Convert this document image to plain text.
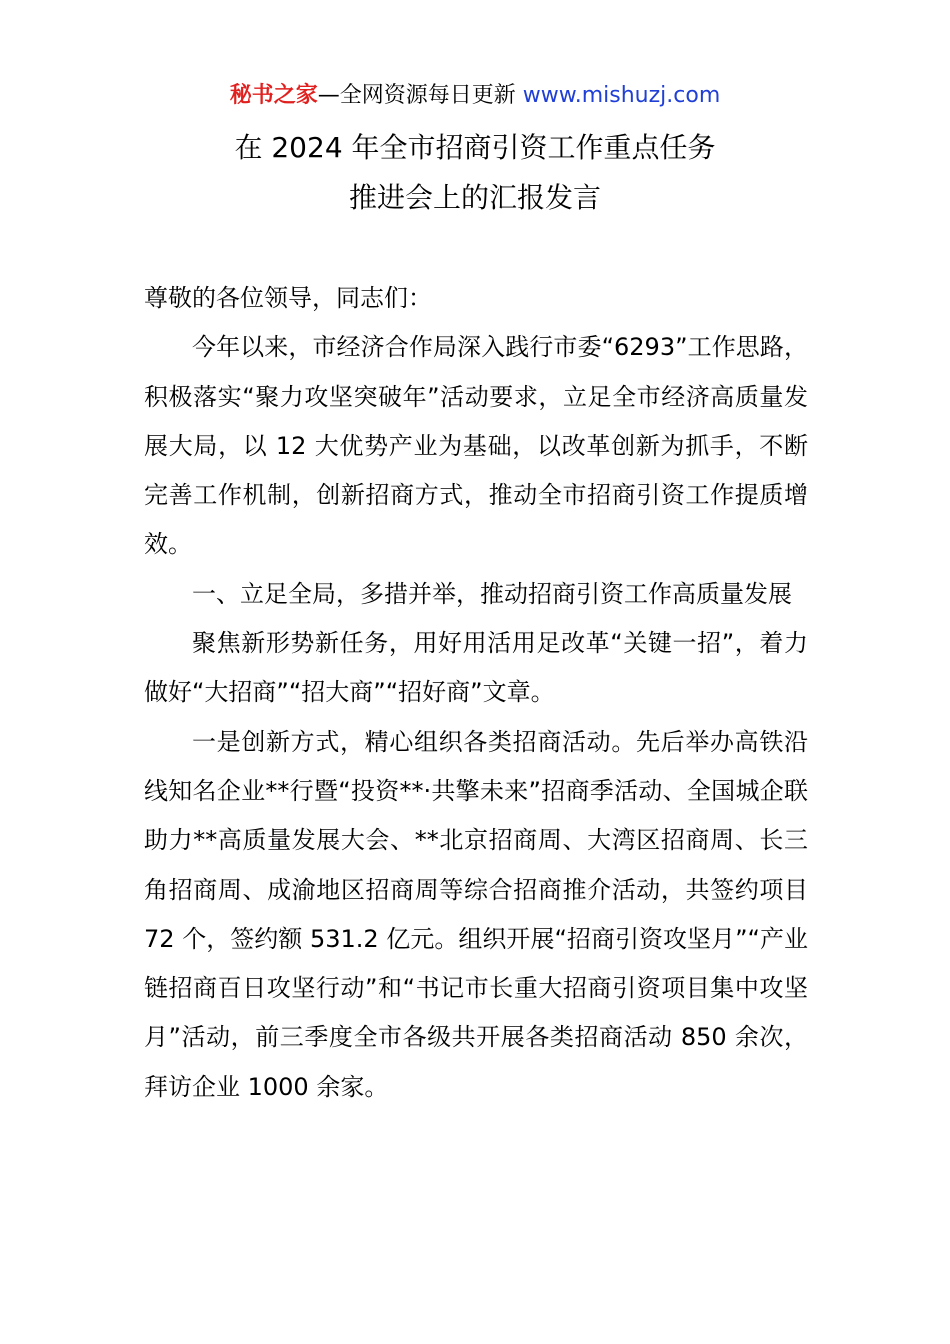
秘书之家—全网资源每日更新 www.mishuzj.com
在 2024 年全市招商引资工作重点任务
推进会上的汇报发言

尊敬的各位领导，同志们：

今年以来，市经济合作局深入践行市委“6293”工作思路，积极落实“聚力攻坚突破年”活动要求，立足全市经济高质量发展大局，以 12 大优势产业为基础，以改革创新为抓手，不断完善工作机制，创新招商方式，推动全市招商引资工作提质增效。

一、立足全局，多措并举，推动招商引资工作高质量发展

聚焦新形势新任务，用好用活用足改革“关键一招”，着力做好“大招商”“招大商”“招好商”文章。

一是创新方式，精心组织各类招商活动。先后举办高铁沿线知名企业**行暨“投资**·共擎未来”招商季活动、全国城企联助力**高质量发展大会、**北京招商周、大湾区招商周、长三角招商周、成渝地区招商周等综合招商推介活动，共签约项目 72 个，签约额 531.2 亿元。组织开展“招商引资攻坚月”“产业链招商百日攻坚行动”和“书记市长重大招商引资项目集中攻坚月”活动，前三季度全市各级共开展各类招商活动 850 余次，拜访企业 1000 余家。
